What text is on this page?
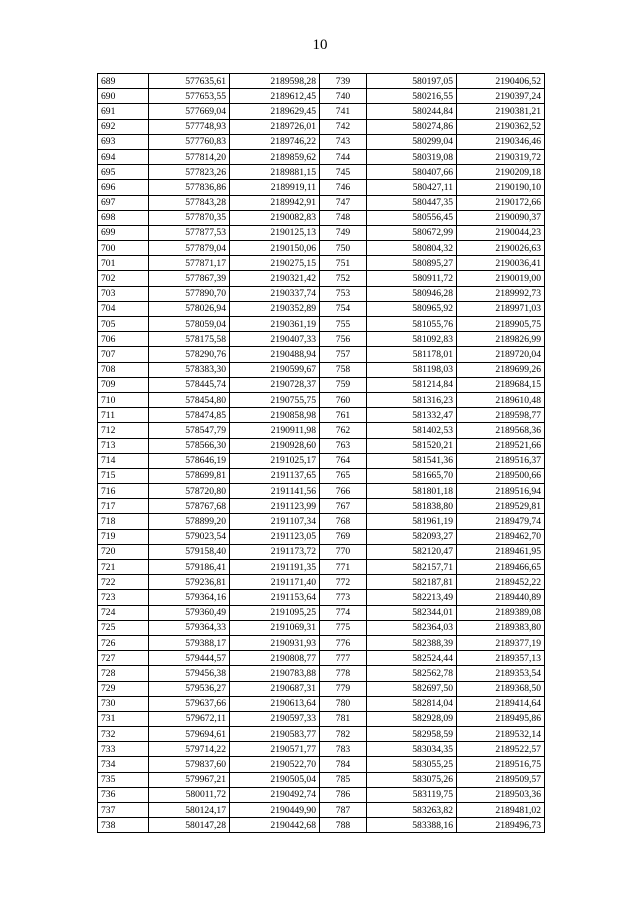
10
689	577635,61	2189598,28	739	580197,05	2190406,52
690	577653,55	2189612,45	740	580216,55	2190397,24
691	577669,04	2189629,45	741	580244,84	2190381,21
692	577748,93	2189726,01	742	580274,86	2190362,52
693	577760,83	2189746,22	743	580299,04	2190346,46
694	577814,20	2189859,62	744	580319,08	2190319,72
695	577823,26	2189881,15	745	580407,66	2190209,18
696	577836,86	2189919,11	746	580427,11	2190190,10
697	577843,28	2189942,91	747	580447,35	2190172,66
698	577870,35	2190082,83	748	580556,45	2190090,37
699	577877,53	2190125,13	749	580672,99	2190044,23
700	577879,04	2190150,06	750	580804,32	2190026,63
701	577871,17	2190275,15	751	580895,27	2190036,41
702	577867,39	2190321,42	752	580911,72	2190019,00
703	577890,70	2190337,74	753	580946,28	2189992,73
704	578026,94	2190352,89	754	580965,92	2189971,03
705	578059,04	2190361,19	755	581055,76	2189905,75
706	578175,58	2190407,33	756	581092,83	2189826,99
707	578290,76	2190488,94	757	581178,01	2189720,04
708	578383,30	2190599,67	758	581198,03	2189699,26
709	578445,74	2190728,37	759	581214,84	2189684,15
710	578454,80	2190755,75	760	581316,23	2189610,48
711	578474,85	2190858,98	761	581332,47	2189598,77
712	578547,79	2190911,98	762	581402,53	2189568,36
713	578566,30	2190928,60	763	581520,21	2189521,66
714	578646,19	2191025,17	764	581541,36	2189516,37
715	578699,81	2191137,65	765	581665,70	2189500,66
716	578720,80	2191141,56	766	581801,18	2189516,94
717	578767,68	2191123,99	767	581838,80	2189529,81
718	578899,20	2191107,34	768	581961,19	2189479,74
719	579023,54	2191123,05	769	582093,27	2189462,70
720	579158,40	2191173,72	770	582120,47	2189461,95
721	579186,41	2191191,35	771	582157,71	2189466,65
722	579236,81	2191171,40	772	582187,81	2189452,22
723	579364,16	2191153,64	773	582213,49	2189440,89
724	579360,49	2191095,25	774	582344,01	2189389,08
725	579364,33	2191069,31	775	582364,03	2189383,80
726	579388,17	2190931,93	776	582388,39	2189377,19
727	579444,57	2190808,77	777	582524,44	2189357,13
728	579456,38	2190783,88	778	582562,78	2189353,54
729	579536,27	2190687,31	779	582697,50	2189368,50
730	579637,66	2190613,64	780	582814,04	2189414,64
731	579672,11	2190597,33	781	582928,09	2189495,86
732	579694,61	2190583,77	782	582958,59	2189532,14
733	579714,22	2190571,77	783	583034,35	2189522,57
734	579837,60	2190522,70	784	583055,25	2189516,75
735	579967,21	2190505,04	785	583075,26	2189509,57
736	580011,72	2190492,74	786	583119,75	2189503,36
737	580124,17	2190449,90	787	583263,82	2189481,02
738	580147,28	2190442,68	788	583388,16	2189496,73
